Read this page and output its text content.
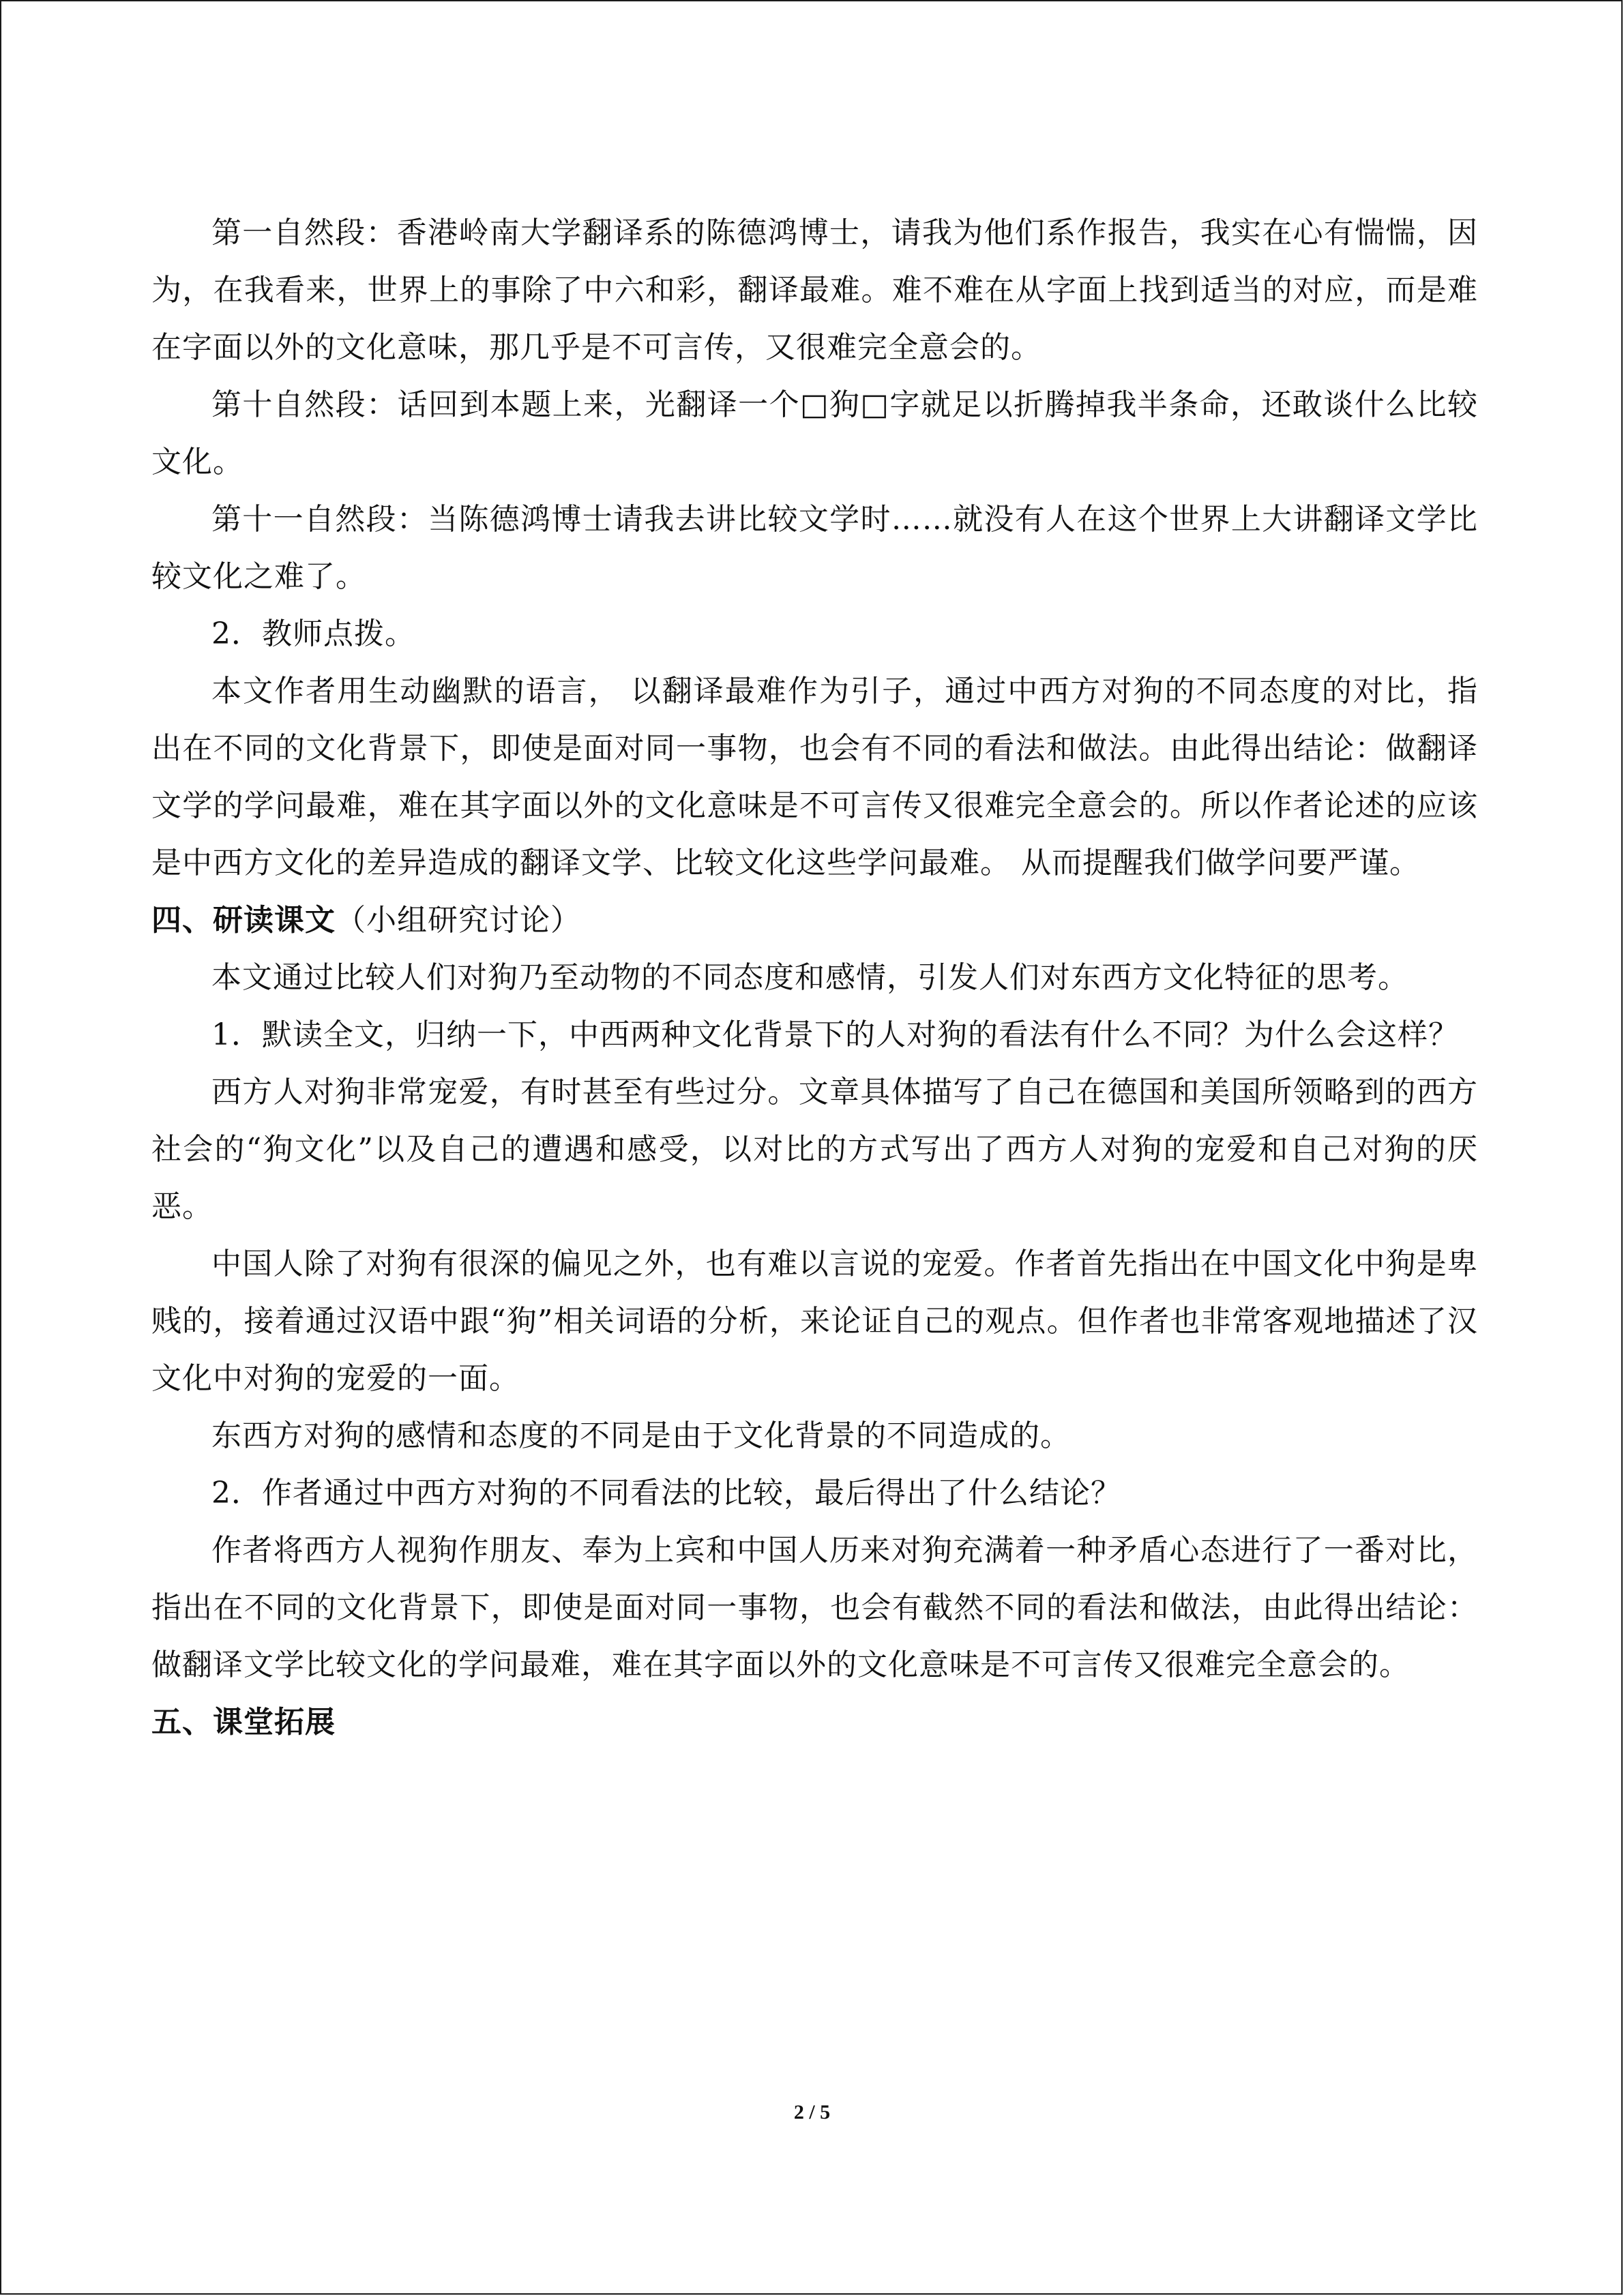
第一自然段：香港岭南大学翻译系的陈德鸿博士，请我为他们系作报告，我实在心有惴惴，因为，在我看来，世界上的事除了中六和彩，翻译最难。难不难在从字面上找到适当的对应，而是难在字面以外的文化意味，那几乎是不可言传，又很难完全意会的。

第十自然段：话回到本题上来，光翻译一个□狗□字就足以折腾掉我半条命，还敢谈什么比较文化。

第十一自然段：当陈德鸿博士请我去讲比较文学时……就没有人在这个世界上大讲翻译文学比较文化之难了。

2．教师点拨。

本文作者用生动幽默的语言， 以翻译最难作为引子，通过中西方对狗的不同态度的对比，指出在不同的文化背景下，即使是面对同一事物，也会有不同的看法和做法。由此得出结论：做翻译文学的学问最难，难在其字面以外的文化意味是不可言传又很难完全意会的。所以作者论述的应该是中西方文化的差异造成的翻译文学、比较文化这些学问最难。 从而提醒我们做学问要严谨。

四、研读课文（小组研究讨论）

本文通过比较人们对狗乃至动物的不同态度和感情，引发人们对东西方文化特征的思考。

1．默读全文，归纳一下，中西两种文化背景下的人对狗的看法有什么不同？为什么会这样？

西方人对狗非常宠爱，有时甚至有些过分。文章具体描写了自己在德国和美国所领略到的西方社会的“狗文化”以及自己的遭遇和感受，以对比的方式写出了西方人对狗的宠爱和自己对狗的厌恶。

中国人除了对狗有很深的偏见之外，也有难以言说的宠爱。作者首先指出在中国文化中狗是卑贱的，接着通过汉语中跟“狗”相关词语的分析，来论证自己的观点。但作者也非常客观地描述了汉文化中对狗的宠爱的一面。

东西方对狗的感情和态度的不同是由于文化背景的不同造成的。

2．作者通过中西方对狗的不同看法的比较，最后得出了什么结论？

作者将西方人视狗作朋友、奉为上宾和中国人历来对狗充满着一种矛盾心态进行了一番对比，指出在不同的文化背景下，即使是面对同一事物，也会有截然不同的看法和做法，由此得出结论：做翻译文学比较文化的学问最难，难在其字面以外的文化意味是不可言传又很难完全意会的。

五、课堂拓展

2 / 5
